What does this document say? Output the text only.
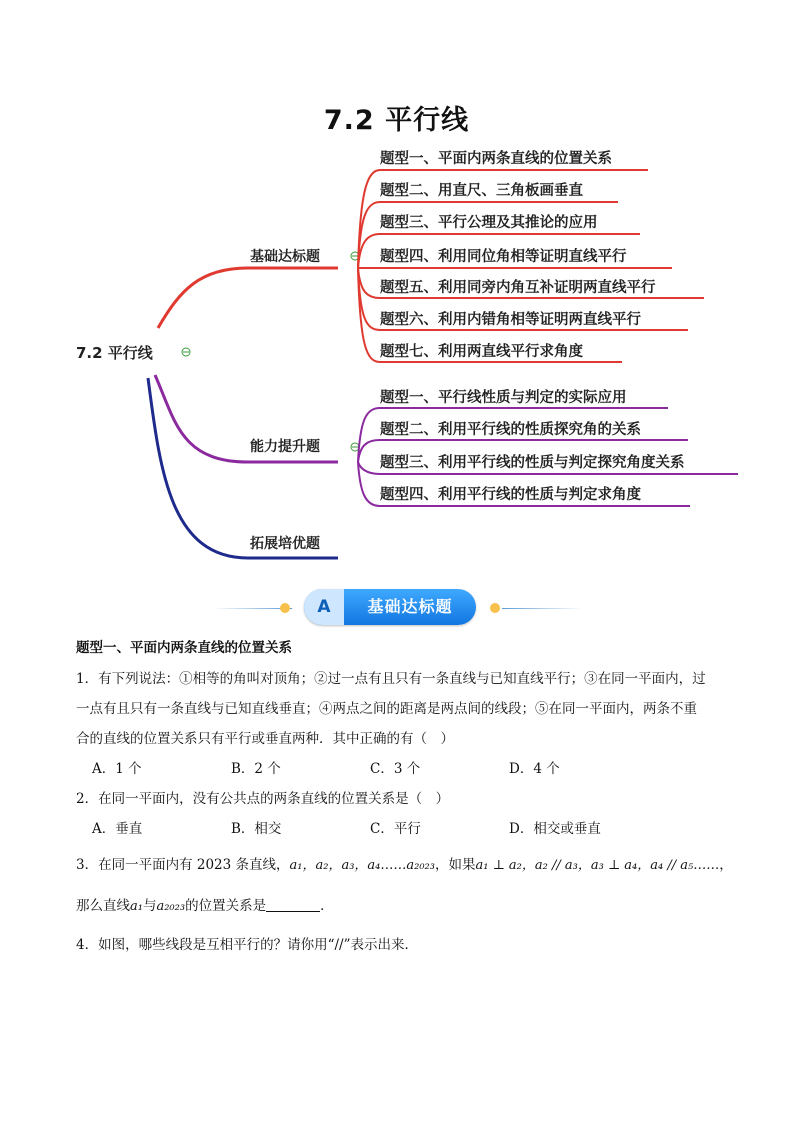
7.2 平行线
7.2 平行线
基础达标题
能力提升题
拓展培优题
题型一、平面内两条直线的位置关系
题型二、用直尺、三角板画垂直
题型三、平行公理及其推论的应用
题型四、利用同位角相等证明直线平行
题型五、利用同旁内角互补证明两直线平行
题型六、利用内错角相等证明两直线平行
题型七、利用两直线平行求角度
题型一、平行线性质与判定的实际应用
题型二、利用平行线的性质探究角的关系
题型三、利用平行线的性质与判定探究角度关系
题型四、利用平行线的性质与判定求角度
A	基础达标题

题型一、平面内两条直线的位置关系

1．有下列说法：①相等的角叫对顶角；②过一点有且只有一条直线与已知直线平行；③在同一平面内，过

一点有且只有一条直线与已知直线垂直；④两点之间的距离是两点间的线段；⑤在同一平面内，两条不重

合的直线的位置关系只有平行或垂直两种．其中正确的有（　）

A．1 个	B．2 个	C．3 个	D．4 个

2．在同一平面内，没有公共点的两条直线的位置关系是（　）

A．垂直	B．相交	C．平行	D．相交或垂直

3．在同一平面内有 2023 条直线，a₁，a₂，a₃，a₄……a₂₀₂₃，如果a₁ ⊥ a₂，a₂ // a₃，a₃ ⊥ a₄，a₄ // a₅……，

那么直线a₁与a₂₀₂₃的位置关系是	．

4．如图，哪些线段是互相平行的？请你用“//”表示出来．
